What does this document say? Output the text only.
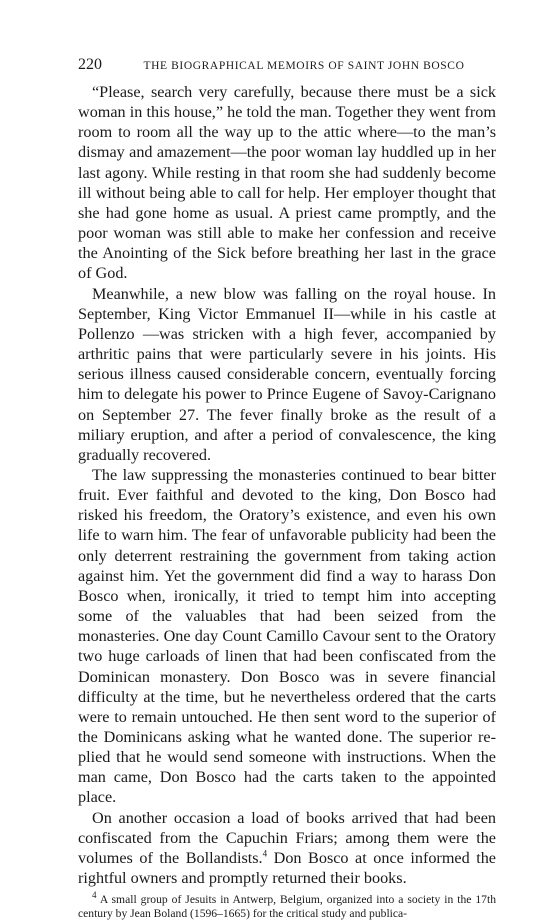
220	THE BIOGRAPHICAL MEMOIRS OF SAINT JOHN BOSCO

“Please, search very carefully, because there must be a sick woman in this house,” he told the man. Together they went from room to room all the way up to the attic where—to the man’s dismay and amazement—the poor woman lay huddled up in her last agony. While resting in that room she had suddenly become ill without being able to call for help. Her employer thought that she had gone home as usual. A priest came promptly, and the poor woman was still able to make her confession and receive the Anointing of the Sick before breathing her last in the grace of God.

Meanwhile, a new blow was falling on the royal house. In September, King Victor Emmanuel II—while in his castle at Pollenzo —was stricken with a high fever, accompanied by arthritic pains that were particularly severe in his joints. His serious illness caused considerable concern, eventually forcing him to delegate his power to Prince Eugene of Savoy-Carignano on September 27. The fever finally broke as the result of a miliary eruption, and after a period of convalescence, the king gradually recovered.

The law suppressing the monasteries continued to bear bitter fruit. Ever faithful and devoted to the king, Don Bosco had risked his freedom, the Oratory’s existence, and even his own life to warn him. The fear of unfavorable publicity had been the only deterrent restraining the government from taking action against him. Yet the government did find a way to harass Don Bosco when, ironically, it tried to tempt him into accepting some of the valuables that had been seized from the monasteries. One day Count Camillo Cavour sent to the Oratory two huge carloads of linen that had been confiscated from the Dominican monastery. Don Bosco was in severe financial difficulty at the time, but he nevertheless ordered that the carts were to remain untouched. He then sent word to the superior of the Dominicans asking what he wanted done. The superior replied that he would send someone with instructions. When the man came, Don Bosco had the carts taken to the appointed place.

On another occasion a load of books arrived that had been confiscated from the Capuchin Friars; among them were the volumes of the Bollandists.$^4$ Don Bosco at once informed the rightful owners and promptly returned their books.

$^4$ A small group of Jesuits in Antwerp, Belgium, organized into a society in the 17th century by Jean Boland (1596–1665) for the critical study and publica-
